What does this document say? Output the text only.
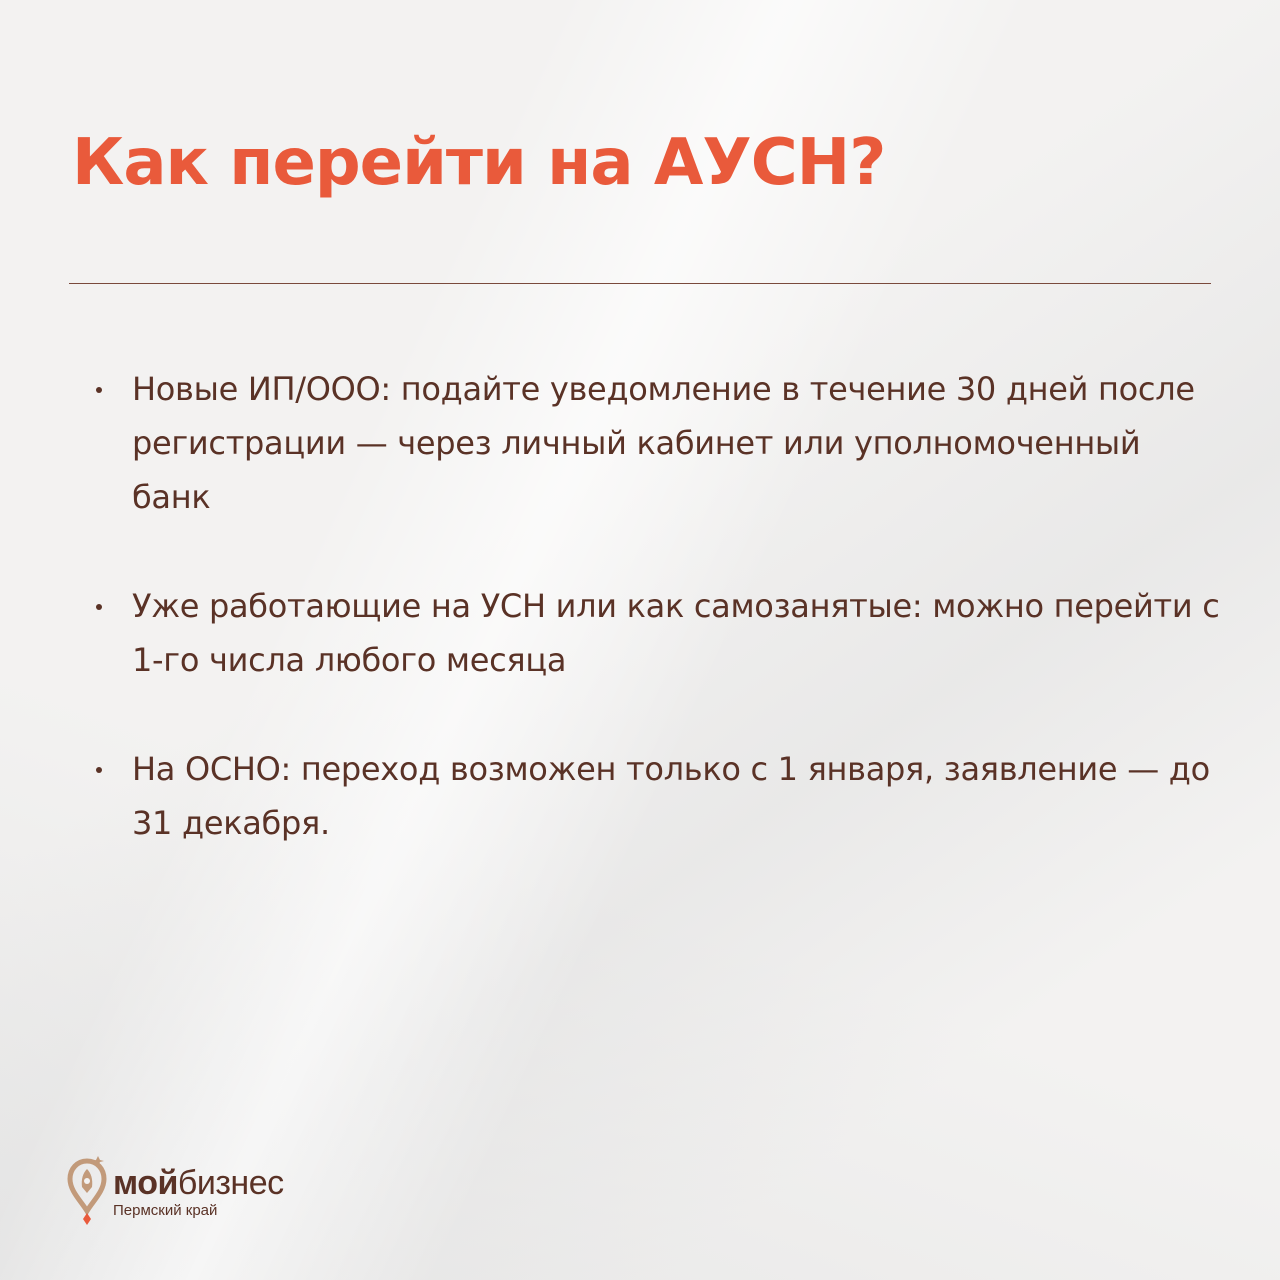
Как перейти на АУСН?
Новые ИП/ООО: подайте уведомление в течение 30 дней после регистрации — через личный кабинет или уполномоченный банк
Уже работающие на УСН или как самозанятые: можно перейти с 1-го числа любого месяца
На ОСНО: переход возможен только с 1 января, заявление — до 31 декабря.
мойбизнес
Пермский край
